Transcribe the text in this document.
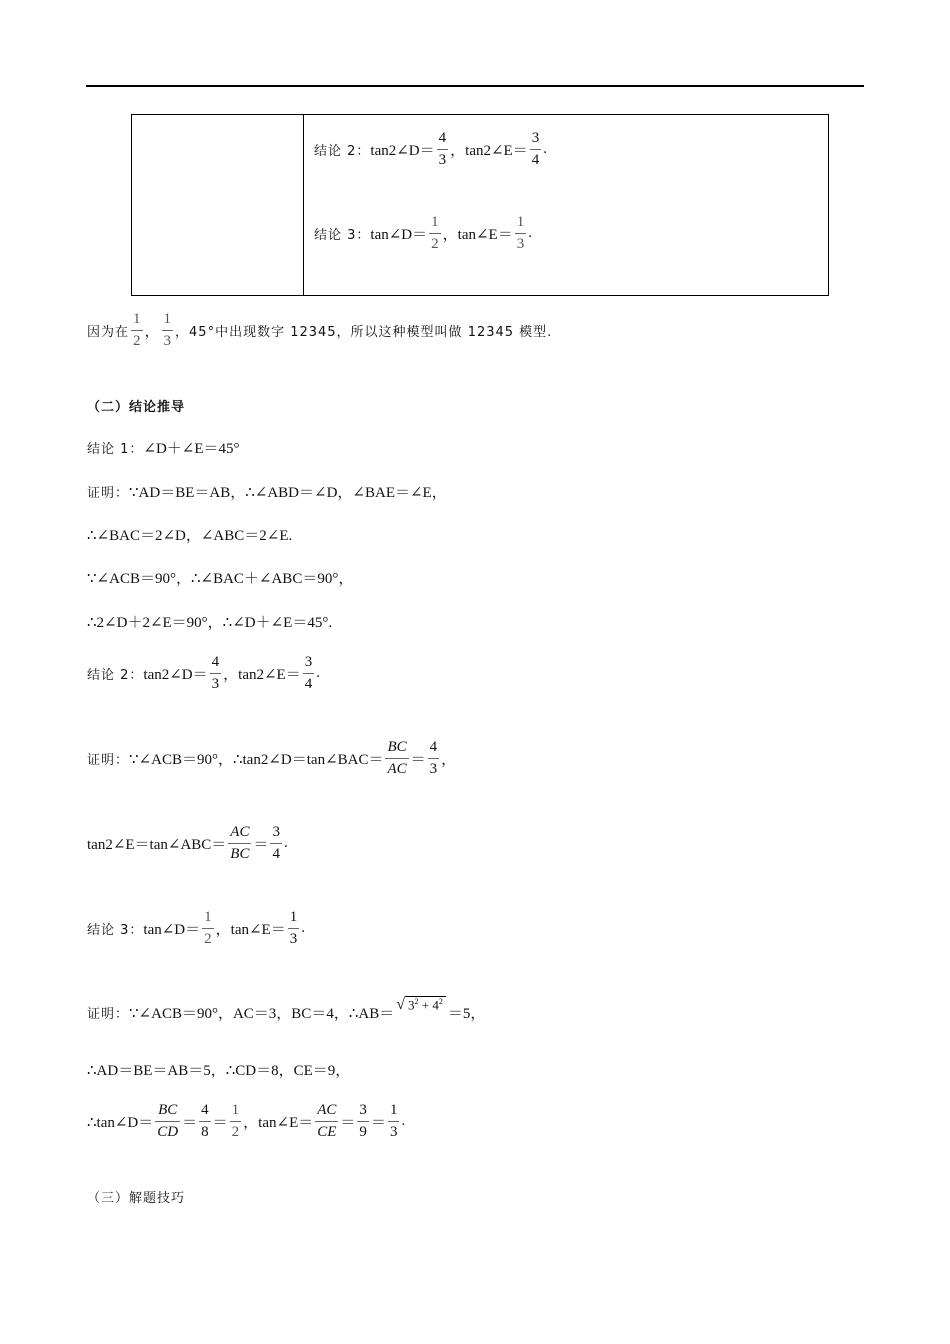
结论 2： tan2∠D＝ $\frac{4}{3}$ ， tan2∠E＝ $\frac{3}{4}$ .
结论 3： tan∠D＝ $\frac{1}{2}$ ， tan∠E＝ $\frac{1}{3}$ .
因为在 $\frac{1}{2}$ ， $\frac{1}{3}$ ，45°中出现数字 12345，所以这种模型叫做 12345 模型.
（二）结论推导
结论 1： ∠D＋∠E＝45°
证明： ∵AD＝BE＝AB，∴∠ABD＝∠D，∠BAE＝∠E，
∴∠BAC＝2∠D，∠ABC＝2∠E.
∵∠ACB＝90°，∴∠BAC＋∠ABC＝90°，
∴2∠D＋2∠E＝90°，∴∠D＋∠E＝45°.
结论 2： tan2∠D＝ $\frac{4}{3}$ ， tan2∠E＝ $\frac{3}{4}$ .
证明： ∵∠ACB＝90°，∴tan2∠D＝tan∠BAC＝ $\frac{BC}{AC} = \frac{4}{3}$ ，
tan2∠E＝tan∠ABC＝ $\frac{AC}{BC} = \frac{3}{4}$ .
结论 3： tan∠D＝ $\frac{1}{2}$ ， tan∠E＝ $\frac{1}{3}$ .
证明： ∵∠ACB＝90°，AC＝3，BC＝4，∴AB＝
√ $3^2 + 4^2$
＝5，
∴AD＝BE＝AB＝5，∴CD＝8，CE＝9，
∴tan∠D＝ $\frac{BC}{CD} = \frac{4}{8} = \frac{1}{2}$ ， tan∠E＝ $\frac{AC}{CE} = \frac{3}{9} = \frac{1}{3}$ .
（三）解题技巧
